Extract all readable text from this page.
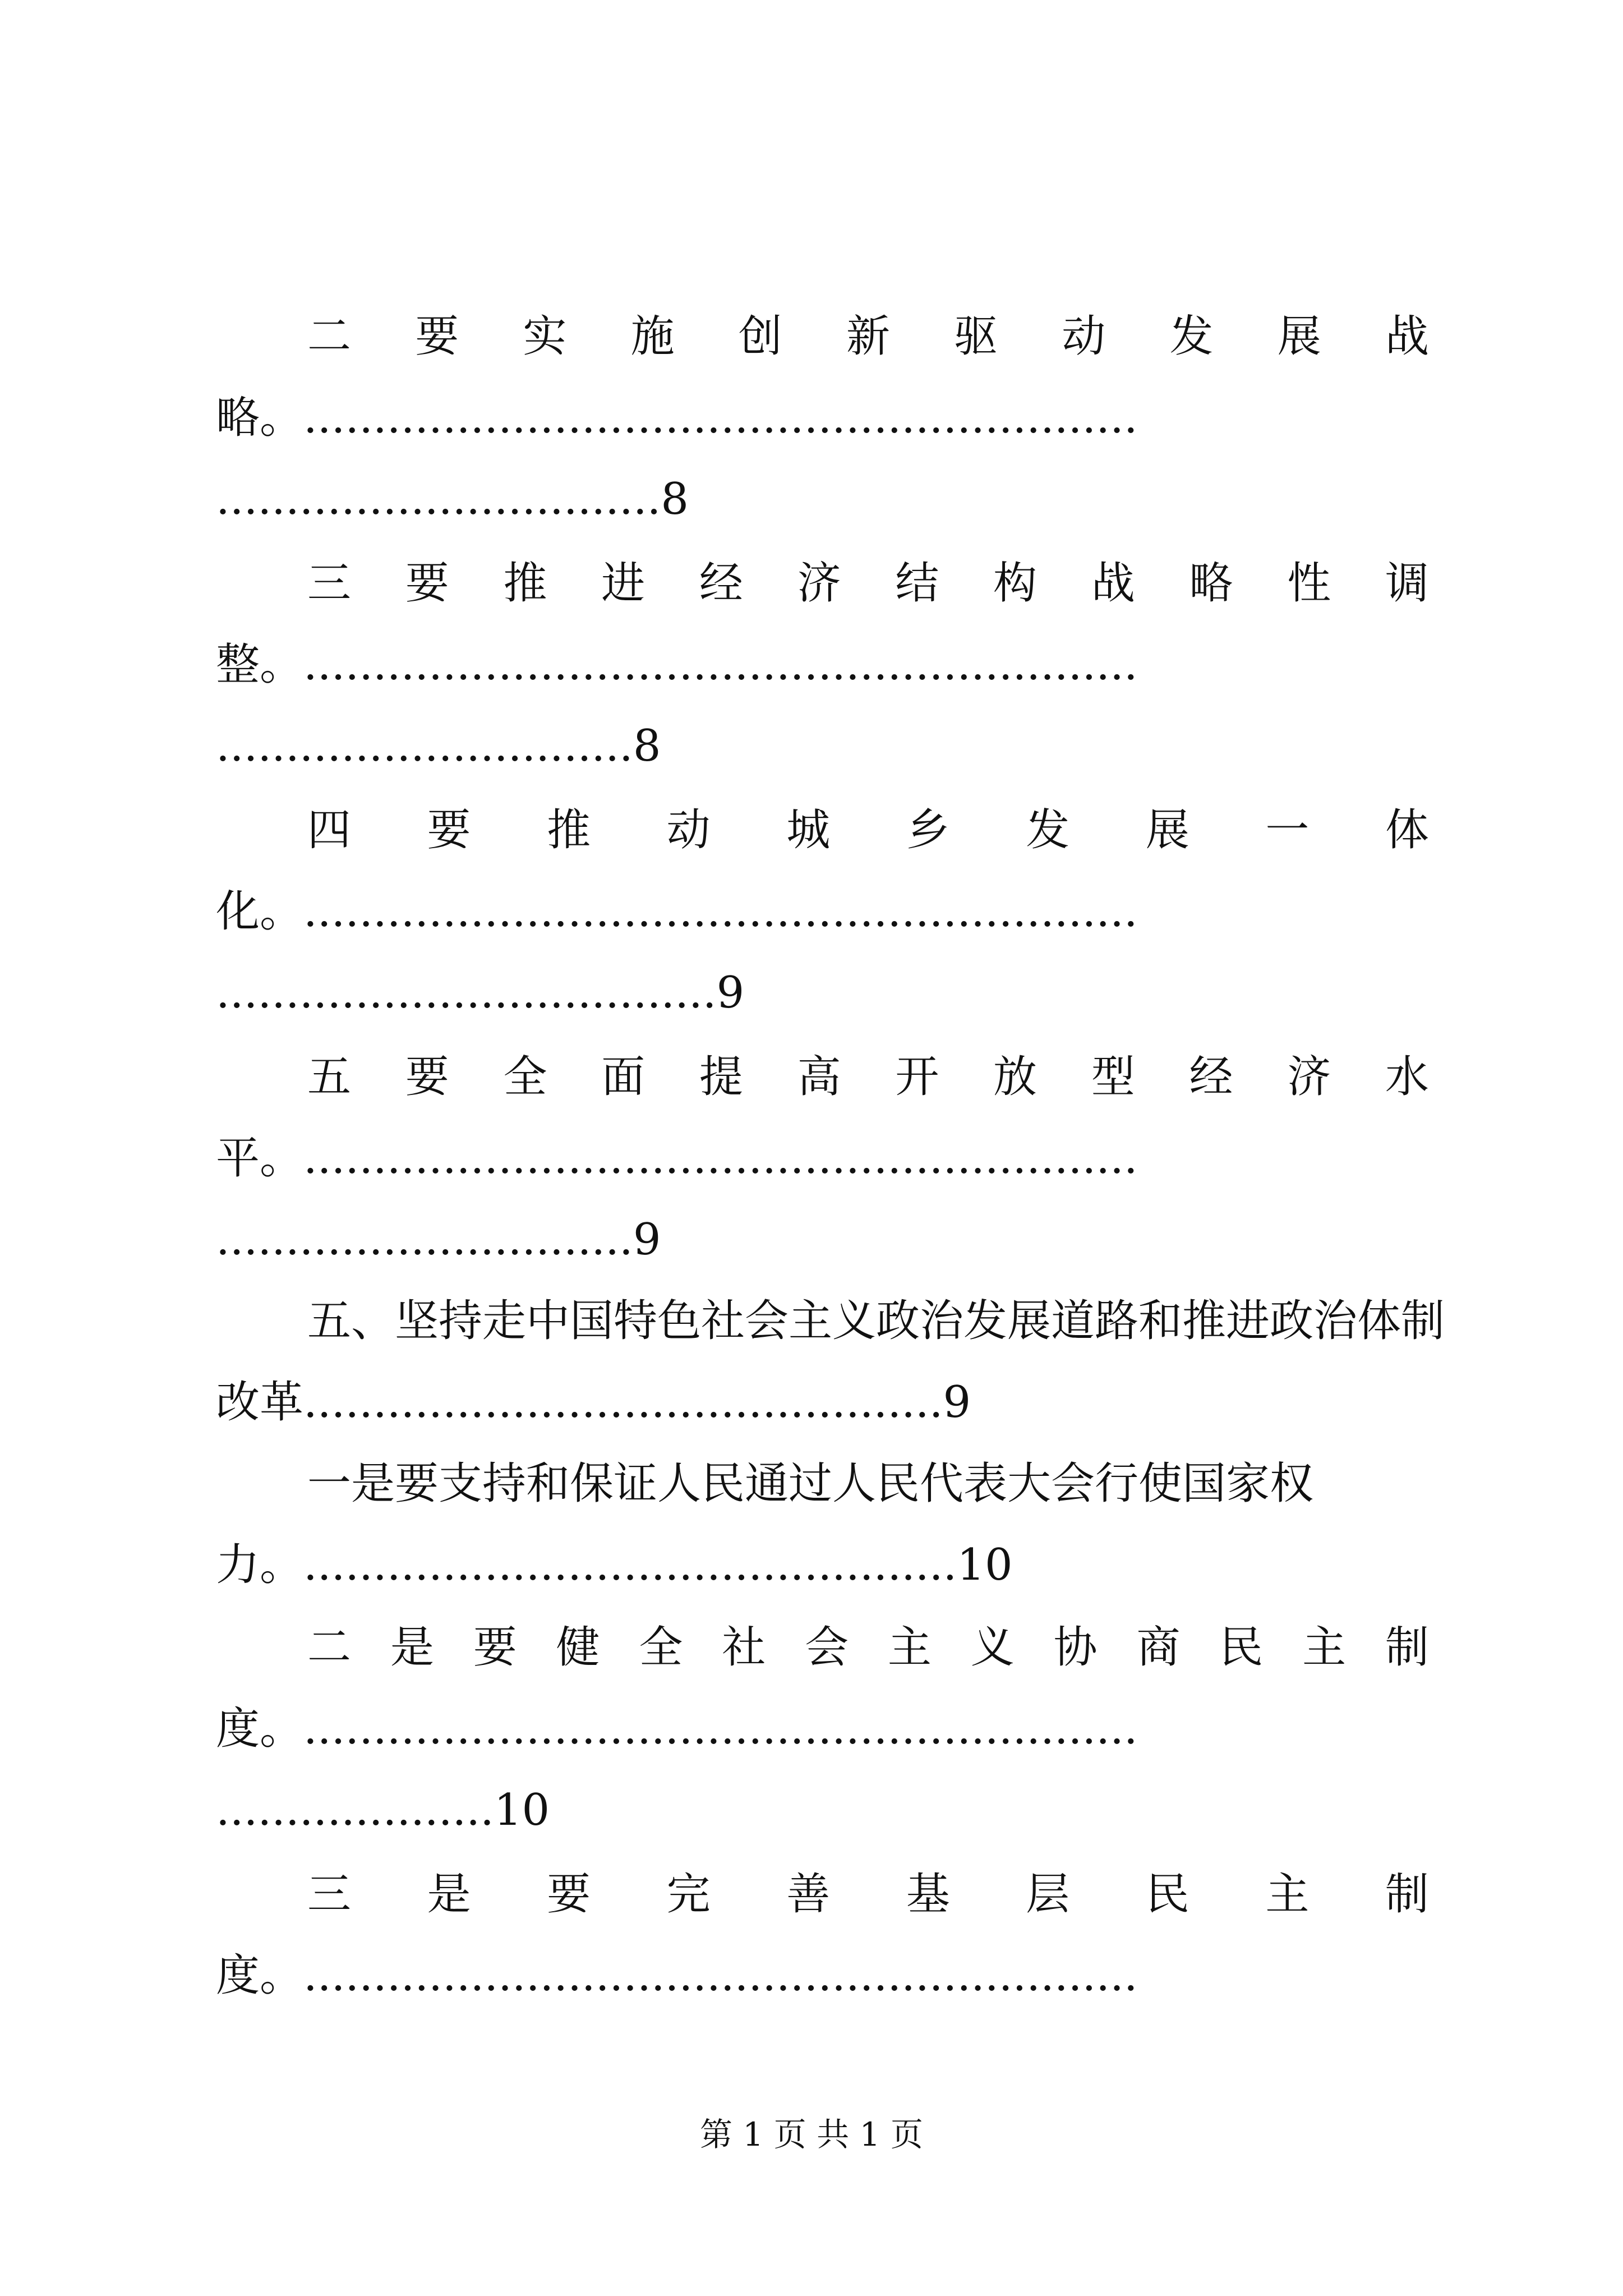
二 要 实 施 创 新 驱 动 发 展 战
略。............................................................
................................8
三 要 推 进 经 济 结 构 战 略 性 调
整。............................................................
..............................8
四 要 推 动 城 乡 发 展 一 体
化。............................................................
....................................9
五 要 全 面 提 高 开 放 型 经 济 水
平。............................................................
..............................9
五、坚持走中国特色社会主义政治发展道路和推进政治体制
改革..............................................9
一是要支持和保证人民通过人民代表大会行使国家权
力。...............................................10
二 是 要 健 全 社 会 主 义 协 商 民 主 制
度。............................................................
....................10
三 是 要 完 善 基 层 民 主 制
度。............................................................
第 1 页 共 1 页
